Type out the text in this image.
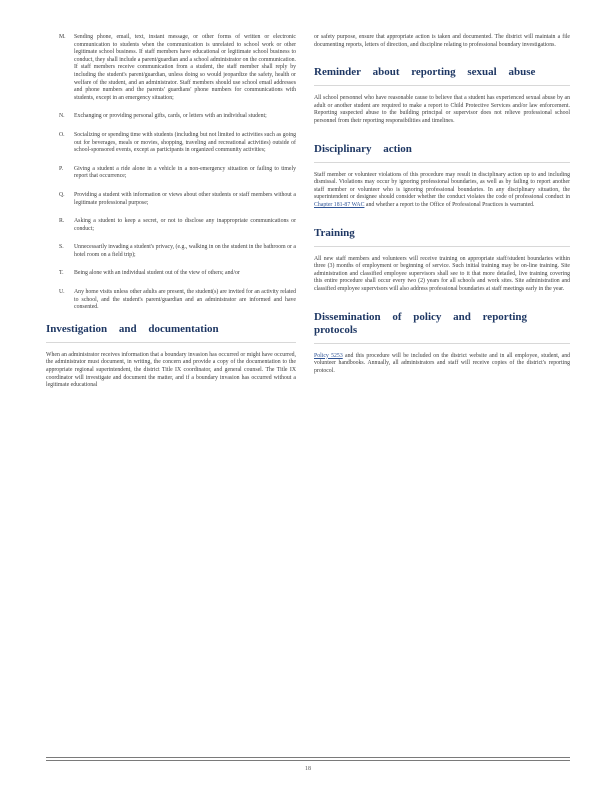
M. Sending phone, email, text, instant message, or other forms of written or electronic communication to students when the communication is unrelated to school work or other legitimate school business. If staff members have educational or legitimate school business to conduct, they shall include a parent/guardian and a school administrator on the communication. If staff members receive communication from a student, the staff member shall reply by including the student's parent/guardian, unless doing so would jeopardize the safety, health or welfare of the student, and an administrator. Staff members should use school email addresses and phone numbers and the parents' guardians' phone numbers for communications with students, except in an emergency situation;
N. Exchanging or providing personal gifts, cards, or letters with an individual student;
O. Socializing or spending time with students (including but not limited to activities such as going out for beverages, meals or movies, shopping, traveling and recreational activities) outside of school-sponsored events, except as participants in organized community activities;
P. Giving a student a ride alone in a vehicle in a non-emergency situation or failing to timely report that occurrence;
Q. Providing a student with information or views about other students or staff members without a legitimate professional purpose;
R. Asking a student to keep a secret, or not to disclose any inappropriate communications or conduct;
S. Unnecessarily invading a student's privacy, (e.g., walking in on the student in the bathroom or a hotel room on a field trip);
T. Being alone with an individual student out of the view of others; and/or
U. Any home visits unless other adults are present, the student(s) are invited for an activity related to school, and the student's parent/guardian and an administrator are informed and have consented.
Investigation and documentation

When an administrator receives information that a boundary invasion has occurred or might have occurred, the administrator must document, in writing, the concern and provide a copy of the documentation to the appropriate regional superintendent, the district Title IX coordinator, and general counsel. The Title IX coordinator will investigate and document the matter, and if a boundary invasion has occurred without a legitimate educational

or safety purpose, ensure that appropriate action is taken and documented. The district will maintain a file documenting reports, letters of direction, and discipline relating to professional boundary investigations.

Reminder about reporting sexual abuse

All school personnel who have reasonable cause to believe that a student has experienced sexual abuse by an adult or another student are required to make a report to Child Protective Services and/or law enforcement. Reporting suspected abuse to the building principal or supervisor does not relieve professional school personnel from their reporting responsibilities and timelines.

Disciplinary action

Staff member or volunteer violations of this procedure may result in disciplinary action up to and including dismissal. Violations may occur by ignoring professional boundaries, as well as by failing to report another staff member or volunteer who is ignoring professional boundaries. In any disciplinary situation, the superintendent or designee should consider whether the conduct violates the code of professional conduct in Chapter 181-87 WAC and whether a report to the Office of Professional Practices is warranted.

Training

All new staff members and volunteers will receive training on appropriate staff/student boundaries within three (3) months of employment or beginning of service. Such initial training may be on-line training. Site administration and classified employee supervisors shall see to it that more detailed, live training covering this entire procedure shall occur every two (2) years for all schools and work sites. Site administration and classified employee supervisors will also address professional boundaries at staff meetings early in the year.

Dissemination of policy and reporting protocols

Policy 5253 and this procedure will be included on the district website and in all employee, student, and volunteer handbooks. Annually, all administrators and staff will receive copies of the district's reporting protocol.

18
